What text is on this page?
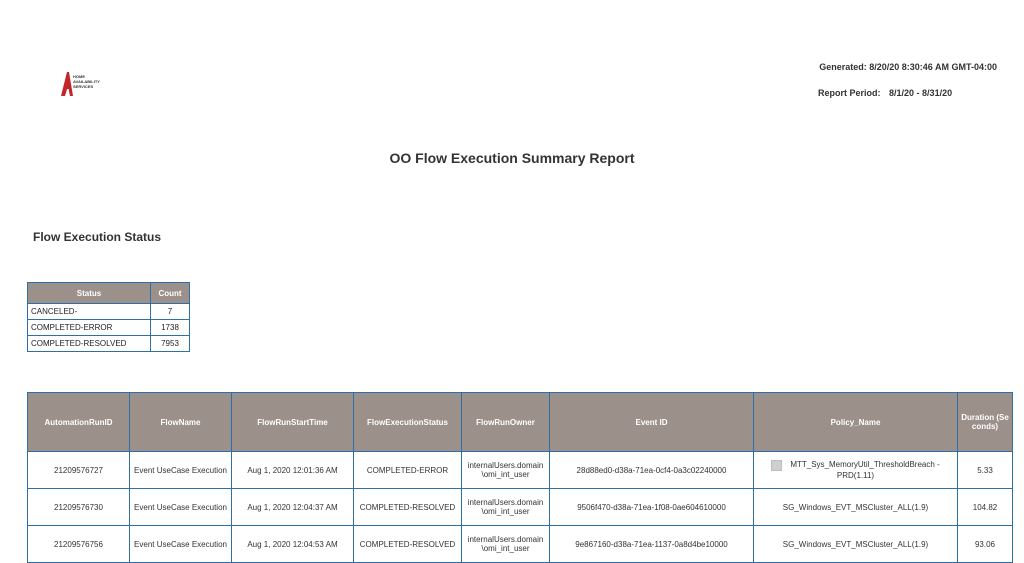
HOME
AVAILABILITY
SERVICES
Generated: 8/20/20 8:30:46 AM GMT-04:00
Report Period: 8/1/20 - 8/31/20
OO Flow Execution Summary Report
Flow Execution Status
Status	Count
CANCELED-	7
COMPLETED-ERROR	1738
COMPLETED-RESOLVED	7953
AutomationRunID	FlowName	FlowRunStartTime	FlowExecutionStatus	FlowRunOwner	Event ID	Policy_Name	Duration (Seconds)
21209576727	Event UseCase Execution	Aug 1, 2020 12:01:36 AM	COMPLETED-ERROR	internalUsers.domain\omi_int_user	28d88ed0-d38a-71ea-0cf4-0a3c02240000	MTT_Sys_MemoryUtil_ThresholdBreach - PRD(1.11)	5.33
21209576730	Event UseCase Execution	Aug 1, 2020 12:04:37 AM	COMPLETED-RESOLVED	internalUsers.domain\omi_int_user	9506f470-d38a-71ea-1f08-0ae604610000	SG_Windows_EVT_MSCluster_ALL(1.9)	104.82
21209576756	Event UseCase Execution	Aug 1, 2020 12:04:53 AM	COMPLETED-RESOLVED	internalUsers.domain\omi_int_user	9e867160-d38a-71ea-1137-0a8d4be10000	SG_Windows_EVT_MSCluster_ALL(1.9)	93.06
